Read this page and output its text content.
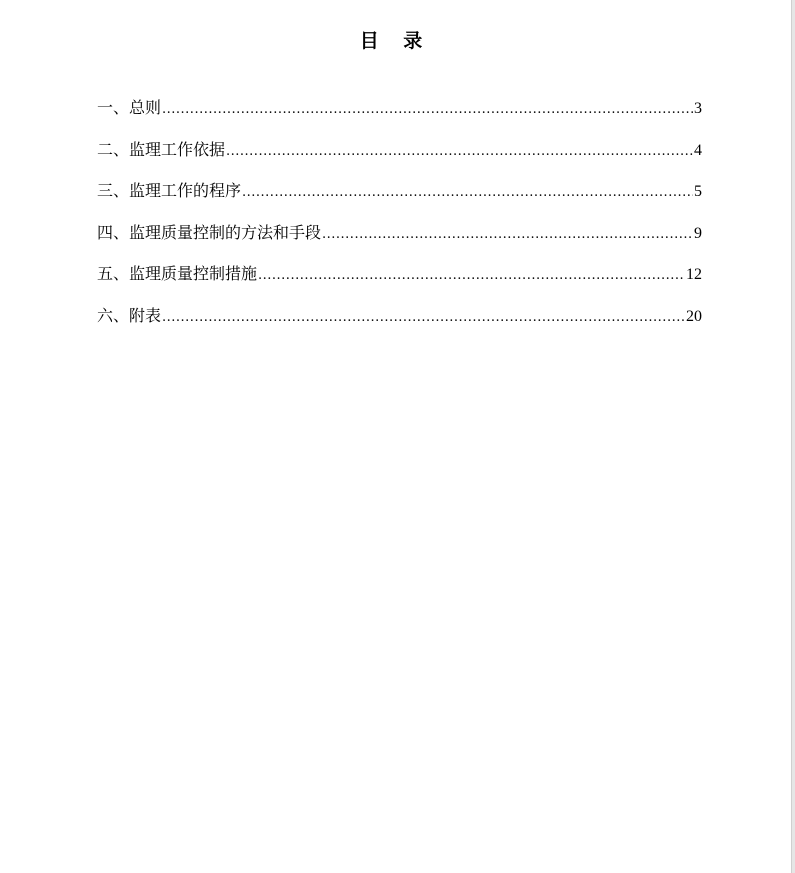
目 录
一、总则 .....	3
二、监理工作依据 .....	4
三、监理工作的程序 .....	5
四、监理质量控制的方法和手段 .....	9
五、监理质量控制措施 .....	12
六、附表 .....	20
